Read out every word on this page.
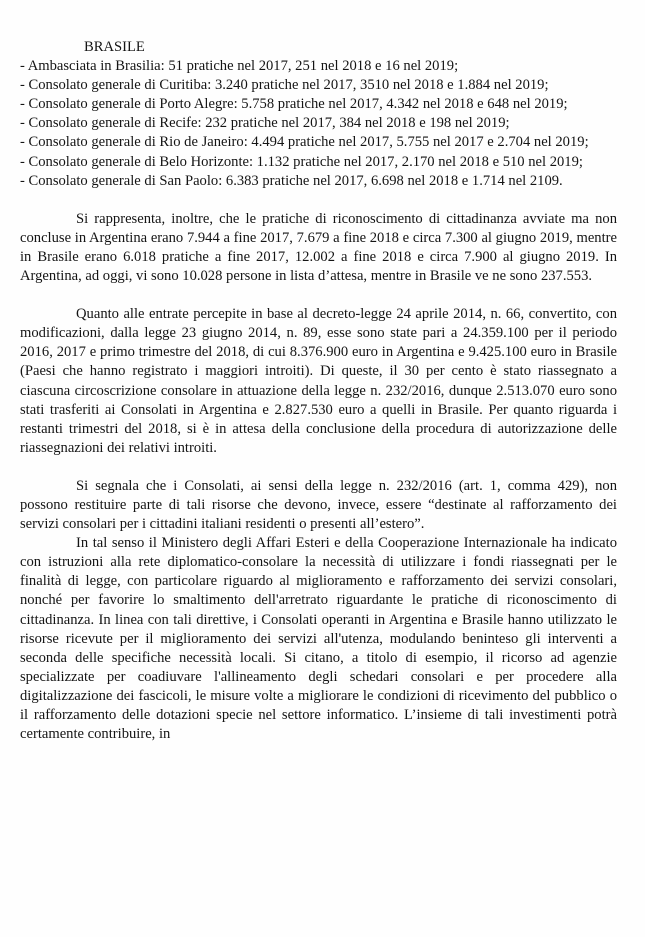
BRASILE
- Ambasciata in Brasilia: 51 pratiche nel 2017, 251 nel 2018 e 16 nel 2019;
- Consolato generale di Curitiba: 3.240 pratiche nel 2017, 3510 nel 2018 e 1.884 nel 2019;
- Consolato generale di Porto Alegre: 5.758 pratiche nel 2017, 4.342 nel 2018 e 648 nel 2019;
- Consolato generale di Recife: 232 pratiche nel 2017, 384 nel 2018 e 198 nel 2019;
- Consolato generale di Rio de Janeiro: 4.494 pratiche nel 2017, 5.755 nel 2017 e 2.704 nel 2019;
- Consolato generale di Belo Horizonte: 1.132 pratiche nel 2017, 2.170 nel 2018 e 510 nel 2019;
- Consolato generale di San Paolo: 6.383 pratiche nel 2017, 6.698 nel 2018 e 1.714 nel 2109.

Si rappresenta, inoltre, che le pratiche di riconoscimento di cittadinanza avviate ma non concluse in Argentina erano 7.944 a fine 2017, 7.679 a fine 2018 e circa 7.300 al giugno 2019, mentre in Brasile erano 6.018 pratiche a fine 2017, 12.002 a fine 2018 e circa 7.900 al giugno 2019. In Argentina, ad oggi, vi sono 10.028 persone in lista d’attesa, mentre in Brasile ve ne sono 237.553.

Quanto alle entrate percepite in base al decreto-legge 24 aprile 2014, n. 66, convertito, con modificazioni, dalla legge 23 giugno 2014, n. 89, esse sono state pari a 24.359.100 per il periodo 2016, 2017 e primo trimestre del 2018, di cui 8.376.900 euro in Argentina e 9.425.100 euro in Brasile (Paesi che hanno registrato i maggiori introiti). Di queste, il 30 per cento è stato riassegnato a ciascuna circoscrizione consolare in attuazione della legge n. 232/2016, dunque 2.513.070 euro sono stati trasferiti ai Consolati in Argentina e 2.827.530 euro a quelli in Brasile. Per quanto riguarda i restanti trimestri del 2018, si è in attesa della conclusione della procedura di autorizzazione delle riassegnazioni dei relativi introiti.

Si segnala che i Consolati, ai sensi della legge n. 232/2016 (art. 1, comma 429), non possono restituire parte di tali risorse che devono, invece, essere “destinate al rafforzamento dei servizi consolari per i cittadini italiani residenti o presenti all’estero”.

In tal senso il Ministero degli Affari Esteri e della Cooperazione Internazionale ha indicato con istruzioni alla rete diplomatico-consolare la necessità di utilizzare i fondi riassegnati per le finalità di legge, con particolare riguardo al miglioramento e rafforzamento dei servizi consolari, nonché per favorire lo smaltimento dell'arretrato riguardante le pratiche di riconoscimento di cittadinanza. In linea con tali direttive, i Consolati operanti in Argentina e Brasile hanno utilizzato le risorse ricevute per il miglioramento dei servizi all'utenza, modulando beninteso gli interventi a seconda delle specifiche necessità locali. Si citano, a titolo di esempio, il ricorso ad agenzie specializzate per coadiuvare l'allineamento degli schedari consolari e per procedere alla digitalizzazione dei fascicoli, le misure volte a migliorare le condizioni di ricevimento del pubblico o il rafforzamento delle dotazioni specie nel settore informatico. L’insieme di tali investimenti potrà certamente contribuire, in
